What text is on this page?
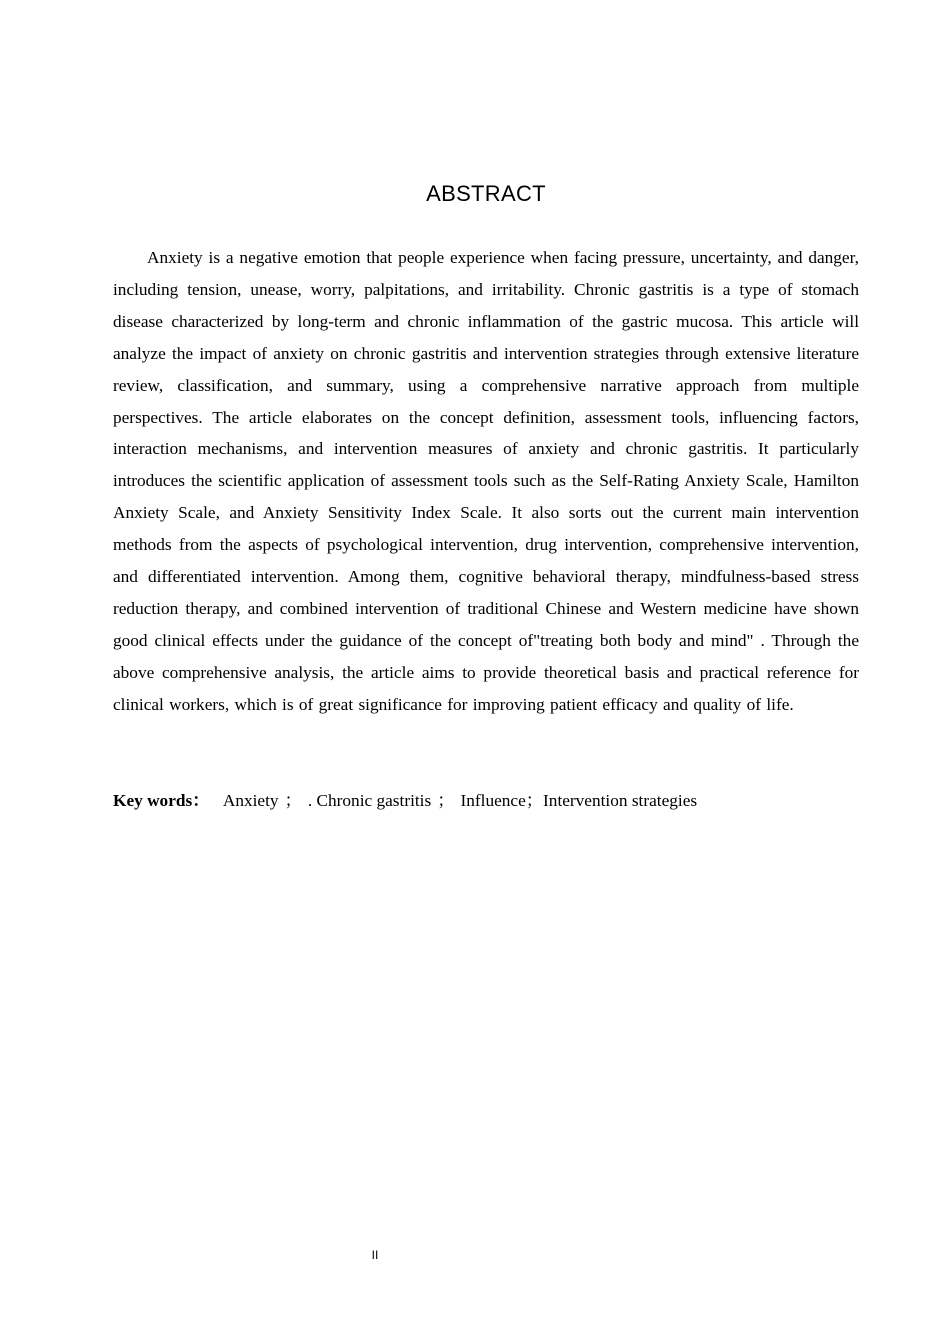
ABSTRACT

Anxiety is a negative emotion that people experience when facing pressure, uncertainty, and danger, including tension, unease, worry, palpitations, and irritability. Chronic gastritis is a type of stomach disease characterized by long-term and chronic inflammation of the gastric mucosa. This article will analyze the impact of anxiety on chronic gastritis and intervention strategies through extensive literature review, classification, and summary, using a comprehensive narrative approach from multiple perspectives. The article elaborates on the concept definition, assessment tools, influencing factors, interaction mechanisms, and intervention measures of anxiety and chronic gastritis. It particularly introduces the scientific application of assessment tools such as the Self-Rating Anxiety Scale, Hamilton Anxiety Scale, and Anxiety Sensitivity Index Scale. It also sorts out the current main intervention methods from the aspects of psychological intervention, drug intervention, comprehensive intervention, and differentiated intervention. Among them, cognitive behavioral therapy, mindfulness-based stress reduction therapy, and combined intervention of traditional Chinese and Western medicine have shown good clinical effects under the guidance of the concept of"treating both body and mind" . Through the above comprehensive analysis, the article aims to provide theoretical basis and practical reference for clinical workers, which is of great significance for improving patient efficacy and quality of life.

Key words： Anxiety ； . Chronic gastritis ； Influence；Intervention strategies
II
